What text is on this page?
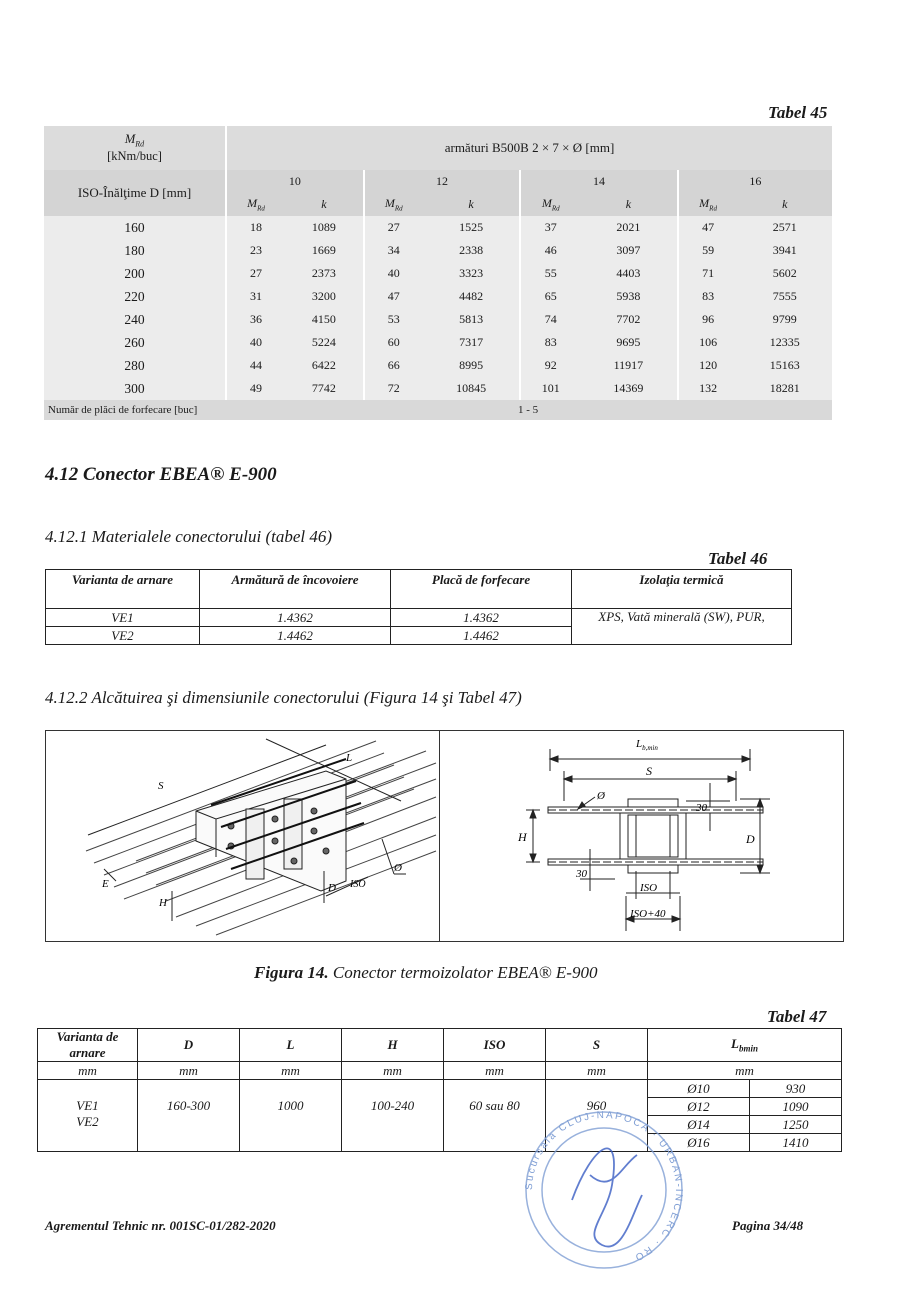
Tabel 45
$M_{Rd}$
[kNm/buc]	armături B500B 2 × 7 × Ø [mm]							
ISO-Înălţime D [mm]	10		12		14		16	
	$M_{Rd}$	k	$M_{Rd}$	k	$M_{Rd}$	k	$M_{Rd}$	k
160	18	1089	27	1525	37	2021	47	2571
180	23	1669	34	2338	46	3097	59	3941
200	27	2373	40	3323	55	4403	71	5602
220	31	3200	47	4482	65	5938	83	7555
240	36	4150	53	5813	74	7702	96	9799
260	40	5224	60	7317	83	9695	106	12335
280	44	6422	66	8995	92	11917	120	15163
300	49	7742	72	10845	101	14369	132	18281
Număr de plăci de forfecare [buc]	1 - 5							
4.12 Conector EBEA® E-900
4.12.1 Materialele conectorului (tabel 46)
Tabel 46
Varianta de arnare	Armătură de încovoiere	Placă de forfecare	Izolaţia termică
VE1	1.4362	1.4362	XPS, Vată minerală (SW), PUR,
VE2	1.4462	1.4462	
4.12.2 Alcătuirea şi dimensiunile conectorului (Figura 14 şi Tabel 47)
S
L
E
H
D ISO
Ø
$L_{b,min}$
S
Ø
30
H	D
30
ISO
ISO+40
Figura 14. Conector termoizolator EBEA® E-900
Tabel 47
Varianta de arnare	D	L	H	ISO	S	$L_{bmin}$
mm	mm	mm	mm	mm	mm	mm	
VE1
VE2	160-300	1000	100-240	60 sau 80	960	Ø10	930
						Ø12	1090
						Ø14	1250
						Ø16	1410
Sucursala CLUJ-NAPOCA · URBAN-INCERC · RO
Agrementul Tehnic nr. 001SC-01/282-2020	Pagina 34/48
